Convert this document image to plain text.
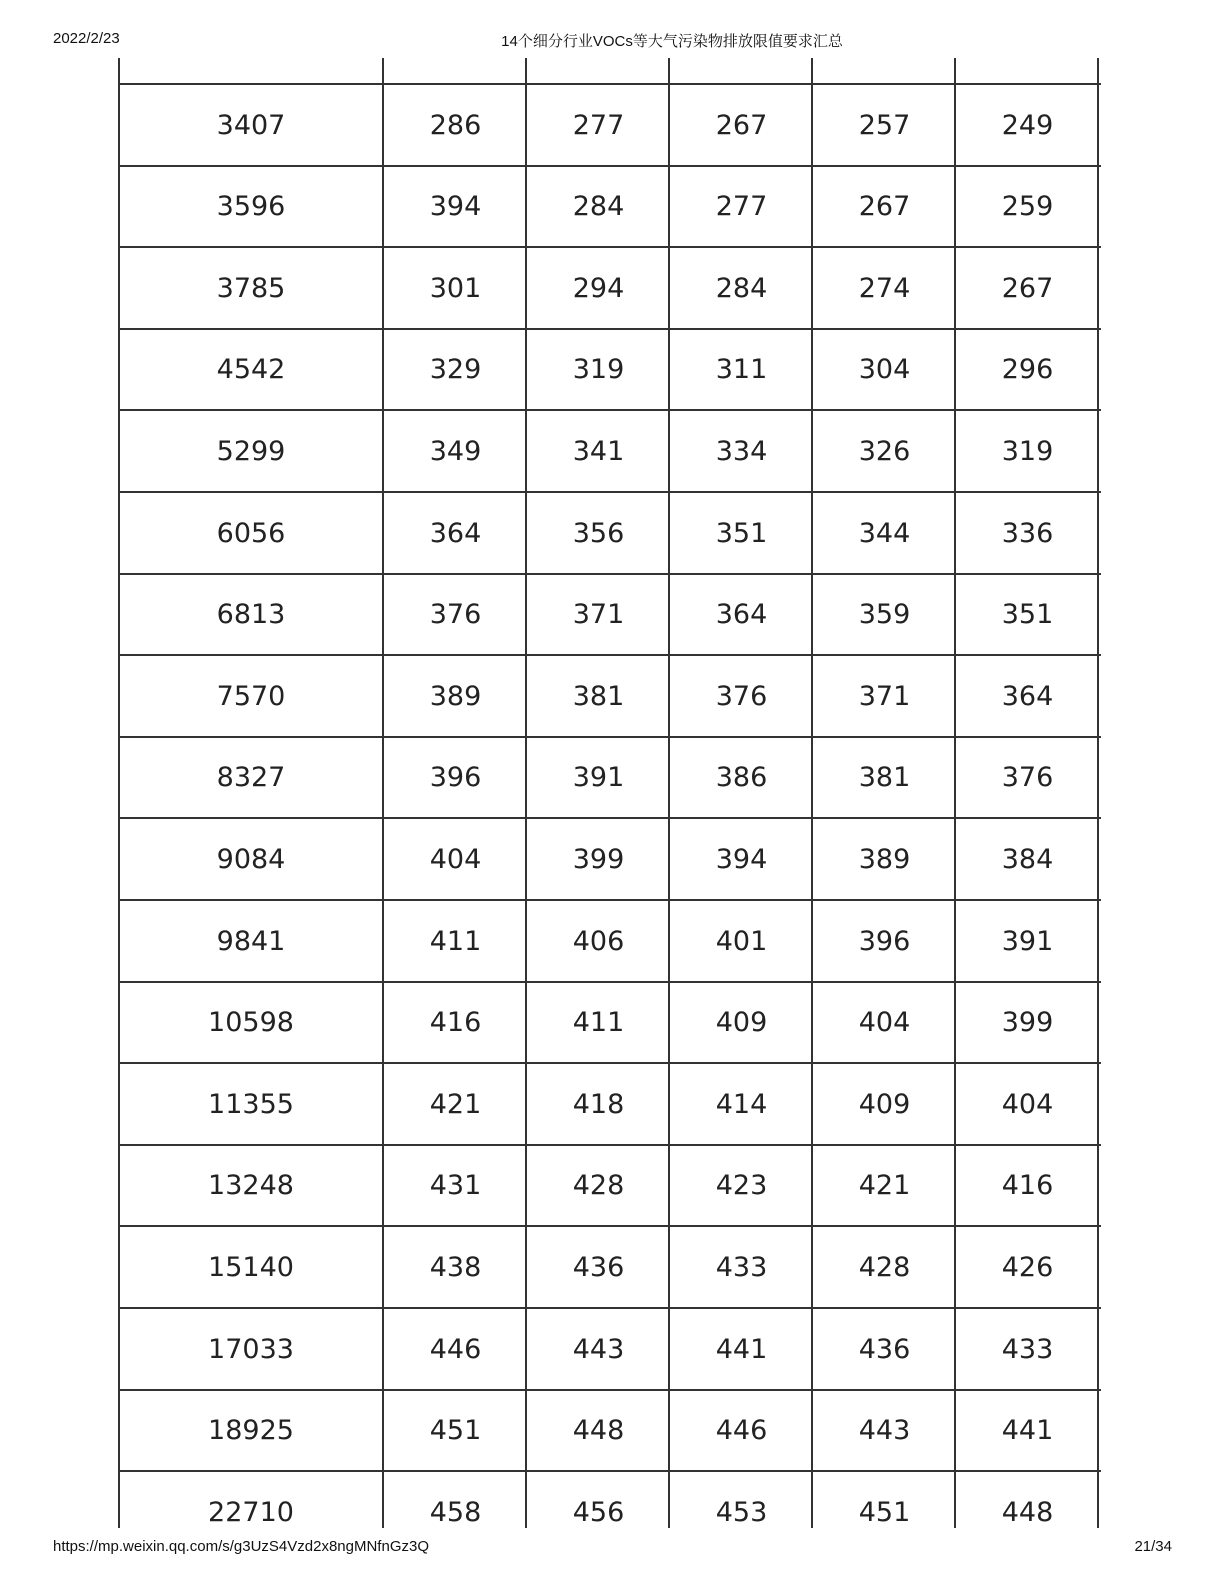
2022/2/23	14个细分行业VOCs等大气污染物排放限值要求汇总
3407	286	277	267	257	249
3596	394	284	277	267	259
3785	301	294	284	274	267
4542	329	319	311	304	296
5299	349	341	334	326	319
6056	364	356	351	344	336
6813	376	371	364	359	351
7570	389	381	376	371	364
8327	396	391	386	381	376
9084	404	399	394	389	384
9841	411	406	401	396	391
10598	416	411	409	404	399
11355	421	418	414	409	404
13248	431	428	423	421	416
15140	438	436	433	428	426
17033	446	443	441	436	433
18925	451	448	446	443	441
22710	458	456	453	451	448
https://mp.weixin.qq.com/s/g3UzS4Vzd2x8ngMNfnGz3Q	21/34
